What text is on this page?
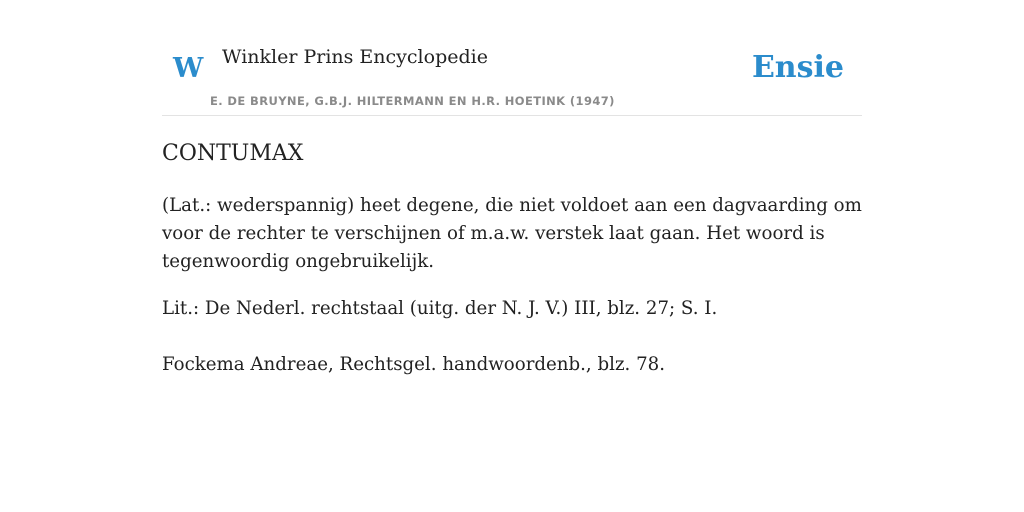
W Winkler Prins Encyclopedie
E. DE BRUYNE, G.B.J. HILTERMANN EN H.R. HOETINK (1947)
Ensie
CONTUMAX

(Lat.: wederspannig) heet degene, die niet voldoet aan een dagvaarding om voor de rechter te verschijnen of m.a.w. verstek laat gaan. Het woord is tegenwoordig ongebruikelijk.

Lit.: De Nederl. rechtstaal (uitg. der N. J. V.) III, blz. 27; S. I.

Fockema Andreae, Rechtsgel. handwoordenb., blz. 78.
